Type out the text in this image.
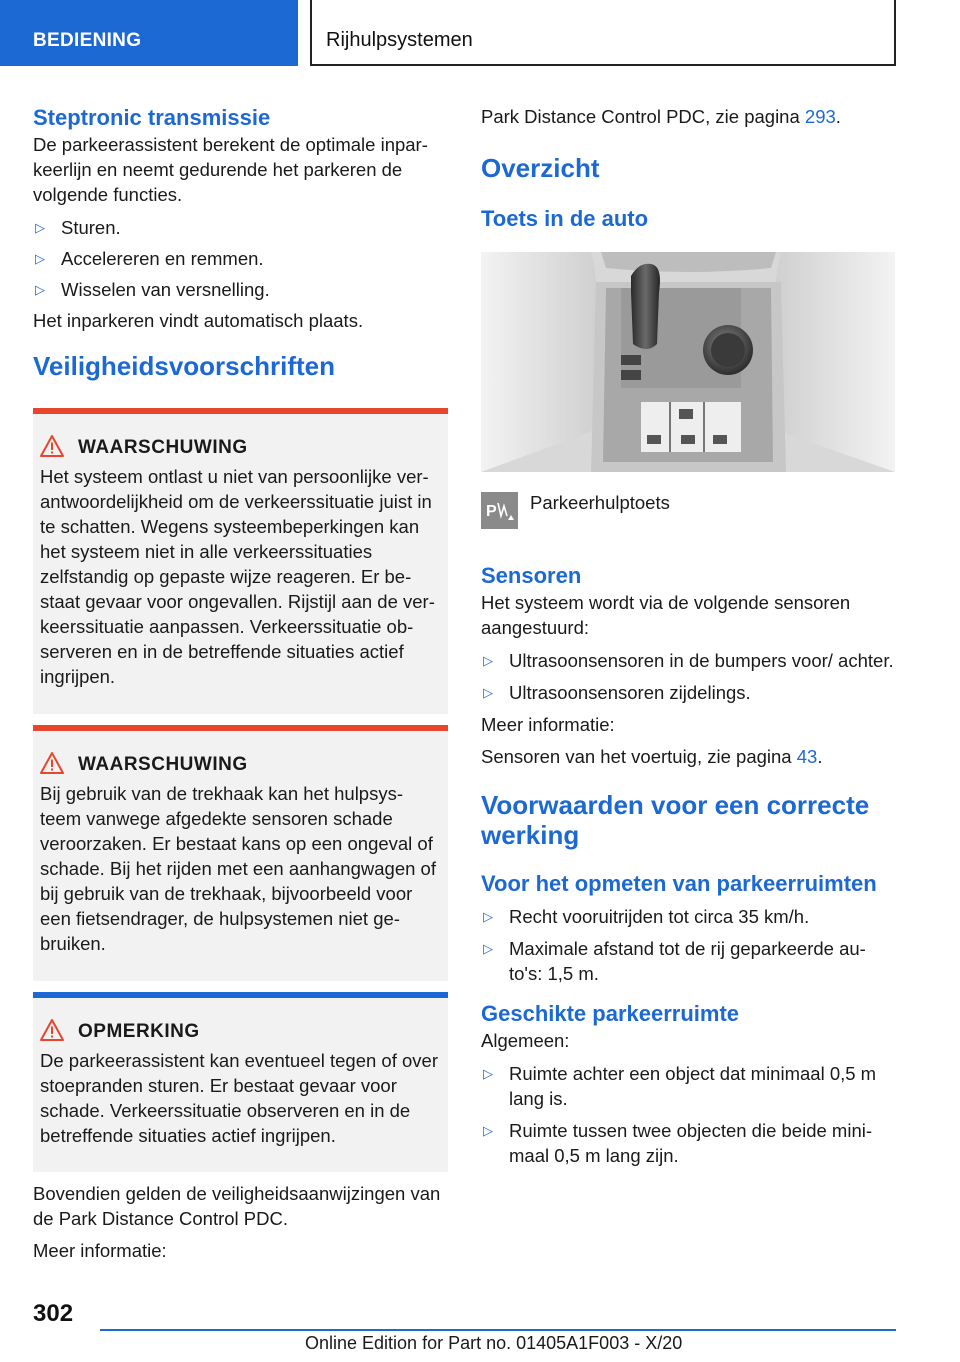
BEDIENING	Rijhulpsystemen
Steptronic transmissie
De parkeerassistent berekent de optimale inpar-keerlijn en neemt gedurende het parkeren de volgende functies.
▷ Sturen.
▷ Accelereren en remmen.
▷ Wisselen van versnelling.
Het inparkeren vindt automatisch plaats.
Veiligheidsvoorschriften
WAARSCHUWING
Het systeem ontlast u niet van persoonlijke ver-antwoordelijkheid om de verkeerssituatie juist in te schatten. Wegens systeembeperkingen kan het systeem niet in alle verkeerssituaties zelfstandig op gepaste wijze reageren. Er be-staat gevaar voor ongevallen. Rijstijl aan de ver-keerssituatie aanpassen. Verkeerssituatie ob-serveren en in de betreffende situaties actief ingrijpen.
WAARSCHUWING
Bij gebruik van de trekhaak kan het hulpsys-teem vanwege afgedekte sensoren schade veroorzaken. Er bestaat kans op een ongeval of schade. Bij het rijden met een aanhangwagen of bij gebruik van de trekhaak, bijvoorbeeld voor een fietsendrager, de hulpsystemen niet ge-bruiken.
OPMERKING
De parkeerassistent kan eventueel tegen of over stoepranden sturen. Er bestaat gevaar voor schade. Verkeerssituatie observeren en in de betreffende situaties actief ingrijpen.
Bovendien gelden de veiligheidsaanwijzingen van de Park Distance Control PDC.
Meer informatie:
Park Distance Control PDC, zie pagina 293.
Overzicht
Toets in de auto
P Parkeerhulptoets
Sensoren
Het systeem wordt via de volgende sensoren aangestuurd:
▷ Ultrasoonsensoren in de bumpers voor/ achter.
▷ Ultrasoonsensoren zijdelings.
Meer informatie:
Sensoren van het voertuig, zie pagina 43.
Voorwaarden voor een correcte werking
Voor het opmeten van parkeerruimten
▷ Recht vooruitrijden tot circa 35 km/h.
▷ Maximale afstand tot de rij geparkeerde au-to's: 1,5 m.
Geschikte parkeerruimte
Algemeen:
▷ Ruimte achter een object dat minimaal 0,5 m lang is.
▷ Ruimte tussen twee objecten die beide mini-maal 0,5 m lang zijn.
302
Online Edition for Part no. 01405A1F003 - X/20
